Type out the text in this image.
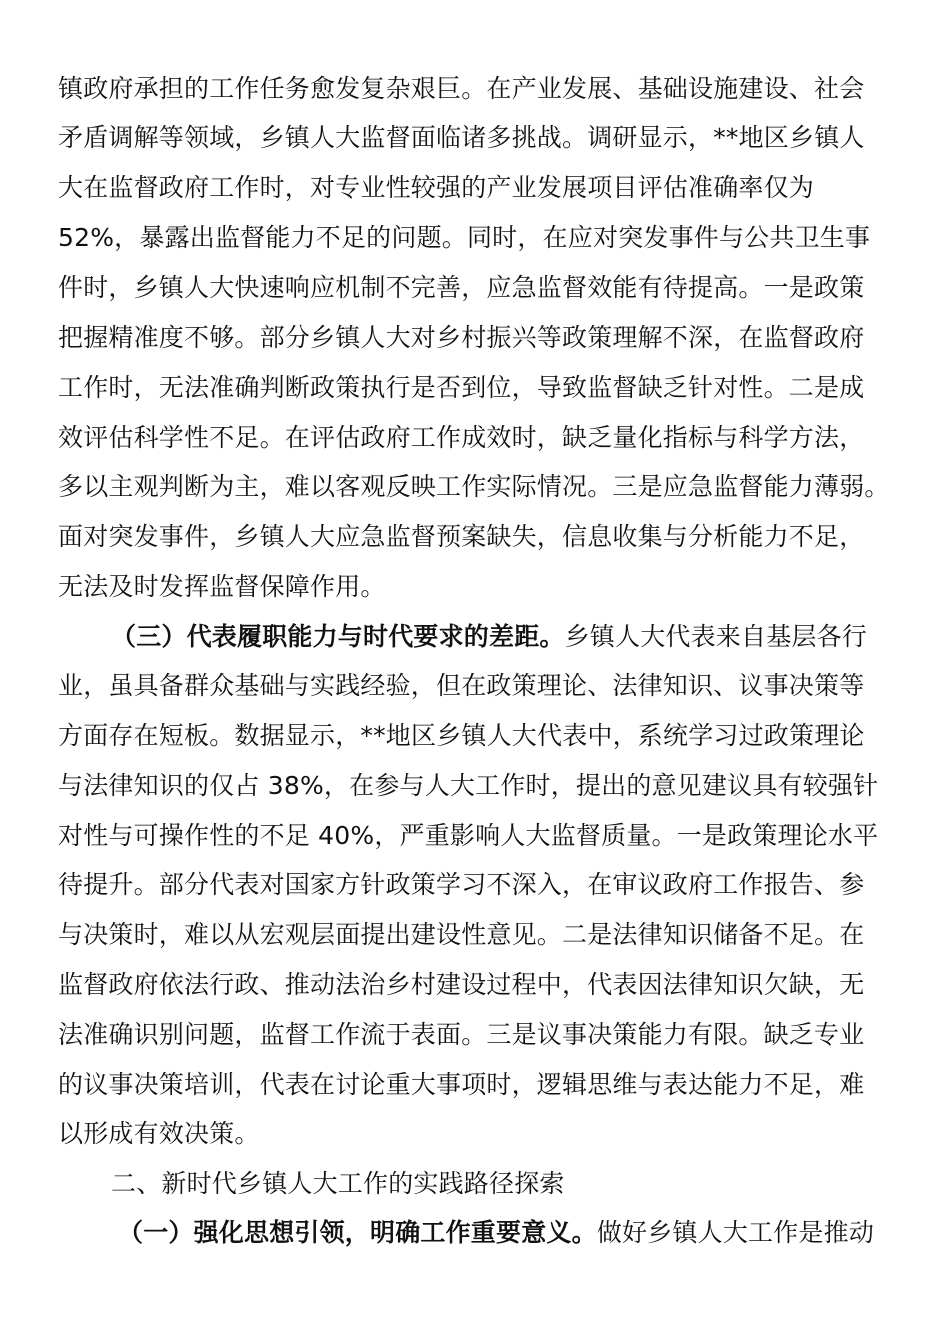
镇政府承担的工作任务愈发复杂艰巨。在产业发展、基础设施建设、社会
矛盾调解等领域，乡镇人大监督面临诸多挑战。调研显示，**地区乡镇人
大在监督政府工作时，对专业性较强的产业发展项目评估准确率仅为
52%，暴露出监督能力不足的问题。同时，在应对突发事件与公共卫生事
件时，乡镇人大快速响应机制不完善，应急监督效能有待提高。一是政策
把握精准度不够。部分乡镇人大对乡村振兴等政策理解不深，在监督政府
工作时，无法准确判断政策执行是否到位，导致监督缺乏针对性。二是成
效评估科学性不足。在评估政府工作成效时，缺乏量化指标与科学方法，
多以主观判断为主，难以客观反映工作实际情况。三是应急监督能力薄弱。
面对突发事件，乡镇人大应急监督预案缺失，信息收集与分析能力不足，
无法及时发挥监督保障作用。
（三）代表履职能力与时代要求的差距。乡镇人大代表来自基层各行
业，虽具备群众基础与实践经验，但在政策理论、法律知识、议事决策等
方面存在短板。数据显示，**地区乡镇人大代表中，系统学习过政策理论
与法律知识的仅占 38%，在参与人大工作时，提出的意见建议具有较强针
对性与可操作性的不足 40%，严重影响人大监督质量。一是政策理论水平
待提升。部分代表对国家方针政策学习不深入，在审议政府工作报告、参
与决策时，难以从宏观层面提出建设性意见。二是法律知识储备不足。在
监督政府依法行政、推动法治乡村建设过程中，代表因法律知识欠缺，无
法准确识别问题，监督工作流于表面。三是议事决策能力有限。缺乏专业
的议事决策培训，代表在讨论重大事项时，逻辑思维与表达能力不足，难
以形成有效决策。
二、新时代乡镇人大工作的实践路径探索
（一）强化思想引领，明确工作重要意义。做好乡镇人大工作是推动
